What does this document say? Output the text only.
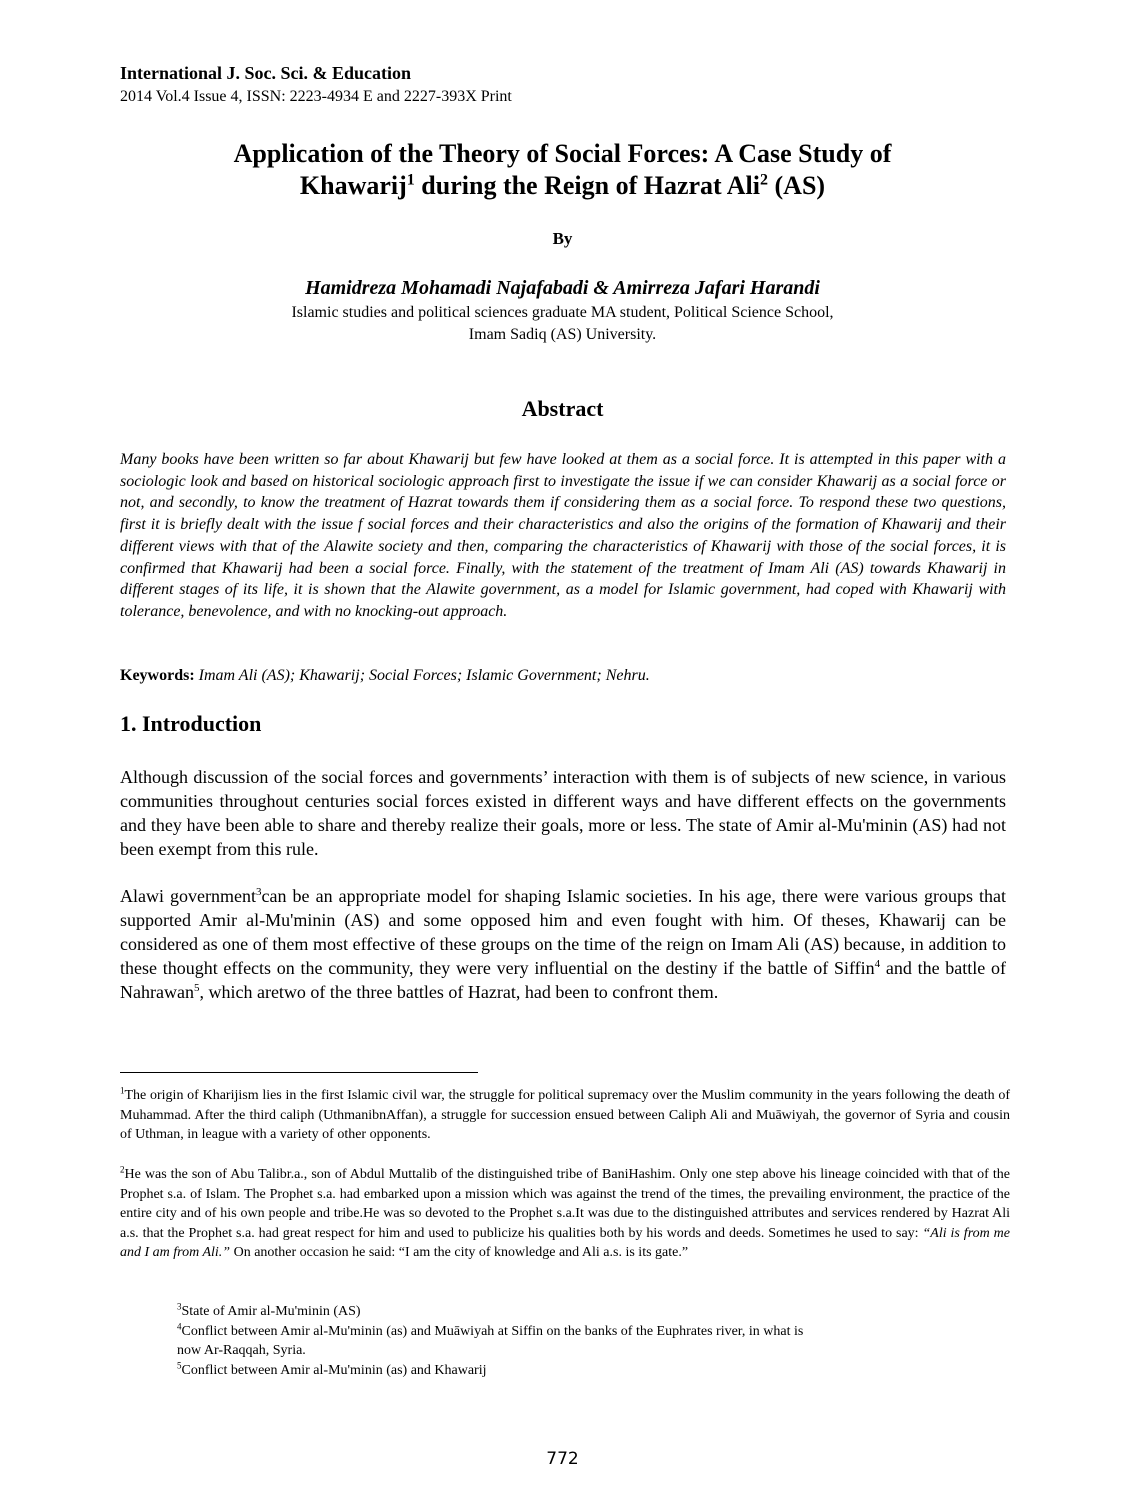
International J. Soc. Sci. & Education
2014 Vol.4 Issue 4, ISSN: 2223-4934 E and 2227-393X Print
Application of the Theory of Social Forces: A Case Study of
Khawarij$^1$ during the Reign of Hazrat Ali$^2$ (AS)
By
Hamidreza Mohamadi Najafabadi & Amirreza Jafari Harandi
Islamic studies and political sciences graduate MA student, Political Science School,
Imam Sadiq (AS) University.
Abstract

Many books have been written so far about Khawarij but few have looked at them as a social force. It is attempted in this paper with a sociologic look and based on historical sociologic approach first to investigate the issue if we can consider Khawarij as a social force or not, and secondly, to know the treatment of Hazrat towards them if considering them as a social force. To respond these two questions, first it is briefly dealt with the issue f social forces and their characteristics and also the origins of the formation of Khawarij and their different views with that of the Alawite society and then, comparing the characteristics of Khawarij with those of the social forces, it is confirmed that Khawarij had been a social force. Finally, with the statement of the treatment of Imam Ali (AS) towards Khawarij in different stages of its life, it is shown that the Alawite government, as a model for Islamic government, had coped with Khawarij with tolerance, benevolence, and with no knocking-out approach.

Keywords: Imam Ali (AS); Khawarij; Social Forces; Islamic Government; Nehru.

1. Introduction

Although discussion of the social forces and governments’ interaction with them is of subjects of new science, in various communities throughout centuries social forces existed in different ways and have different effects on the governments and they have been able to share and thereby realize their goals, more or less. The state of Amir al-Mu'minin (AS) had not been exempt from this rule.

Alawi government$^3$can be an appropriate model for shaping Islamic societies. In his age, there were various groups that supported Amir al-Mu'minin (AS) and some opposed him and even fought with him. Of theses, Khawarij can be considered as one of them most effective of these groups on the time of the reign on Imam Ali (AS) because, in addition to these thought effects on the community, they were very influential on the destiny if the battle of Siffin$^4$ and the battle of Nahrawan$^5$, which aretwo of the three battles of Hazrat, had been to confront them.

$^1$The origin of Kharijism lies in the first Islamic civil war, the struggle for political supremacy over the Muslim community in the years following the death of Muhammad. After the third caliph (UthmanibnAffan), a struggle for succession ensued between Caliph Ali and Muāwiyah, the governor of Syria and cousin of Uthman, in league with a variety of other opponents.

$^2$He was the son of Abu Talibr.a., son of Abdul Muttalib of the distinguished tribe of BaniHashim. Only one step above his lineage coincided with that of the Prophet s.a. of Islam. The Prophet s.a. had embarked upon a mission which was against the trend of the times, the prevailing environment, the practice of the entire city and of his own people and tribe.He was so devoted to the Prophet s.a.It was due to the distinguished attributes and services rendered by Hazrat Ali a.s. that the Prophet s.a. had great respect for him and used to publicize his qualities both by his words and deeds. Sometimes he used to say: “Ali is from me and I am from Ali.” On another occasion he said: “I am the city of knowledge and Ali a.s. is its gate.”

$^3$State of Amir al-Mu'minin (AS)
$^4$Conflict between Amir al-Mu'minin (as) and Muāwiyah at Siffin on the banks of the Euphrates river, in what is
now Ar-Raqqah, Syria.
$^5$Conflict between Amir al-Mu'minin (as) and Khawarij
772
